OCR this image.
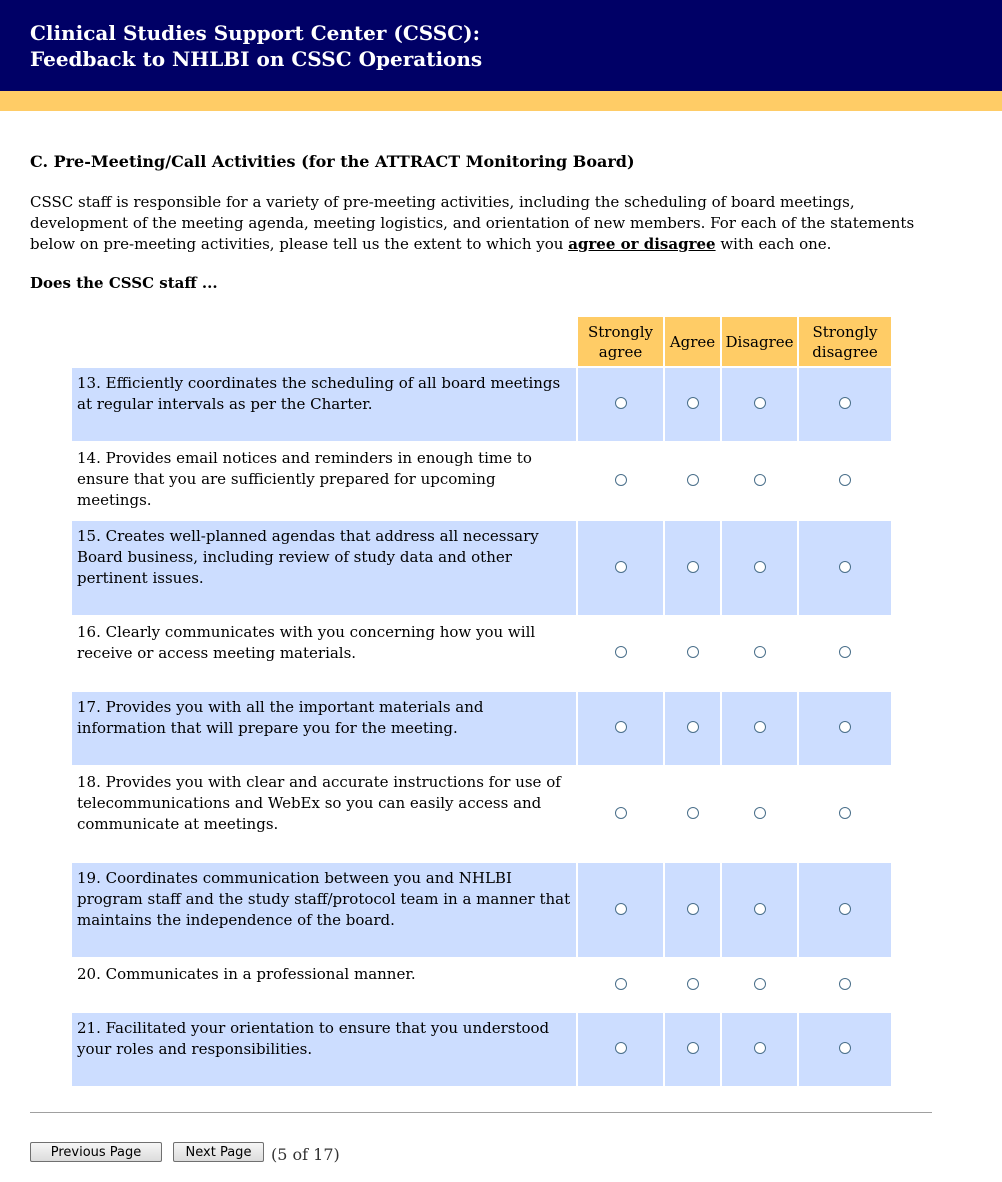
Clinical Studies Support Center (CSSC):
Feedback to NHLBI on CSSC Operations
C. Pre-Meeting/Call Activities (for the ATTRACT Monitoring Board)
CSSC staff is responsible for a variety of pre-meeting activities, including the scheduling of board meetings, development of the meeting agenda, meeting logistics, and orientation of new members. For each of the statements below on pre-meeting activities, please tell us the extent to which you agree or disagree with each one.
Does the CSSC staff ...
	Strongly agree	Agree	Disagree	Strongly disagree
13. Efficiently coordinates the scheduling of all board meetings at regular intervals as per the Charter.				
14. Provides email notices and reminders in enough time to ensure that you are sufficiently prepared for upcoming meetings.				
15. Creates well-planned agendas that address all necessary Board business, including review of study data and other pertinent issues.				
16. Clearly communicates with you concerning how you will receive or access meeting materials.				
17. Provides you with all the important materials and information that will prepare you for the meeting.				
18. Provides you with clear and accurate instructions for use of telecommunications and WebEx so you can easily access and communicate at meetings.				
19. Coordinates communication between you and NHLBI program staff and the study staff/protocol team in a manner that maintains the independence of the board.				
20. Communicates in a professional manner.				
21. Facilitated your orientation to ensure that you understood your roles and responsibilities.				
Previous Page	Next Page	(5 of 17)
